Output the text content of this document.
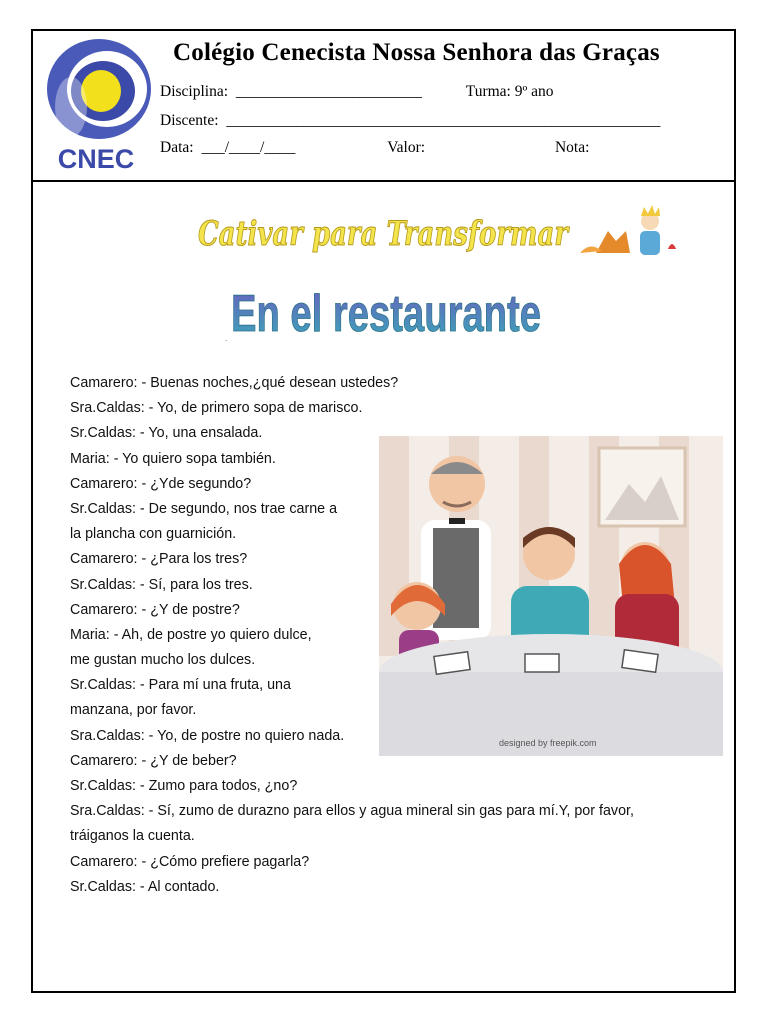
CNEC
Colégio Cenecista Nossa Senhora das Graças
Disciplina: ________________________	Turma: 9º ano
Discente: ________________________________________________________
Data: ___/____/____	Valor:	Nota:
Cativar para Transformar
En el restaurante
.
Camarero: - Buenas noches,¿qué desean ustedes?
Sra.Caldas: - Yo, de primero sopa de marisco.
Sr.Caldas: - Yo, una ensalada.
Maria: - Yo quiero sopa también.
Camarero: - ¿Yde segundo?
Sr.Caldas: - De segundo, nos trae carne a
la plancha con guarnición.
Camarero: - ¿Para los tres?
Sr.Caldas: - Sí, para los tres.
Camarero: - ¿Y de postre?
Maria: - Ah, de postre yo quiero dulce,
me gustan mucho los dulces.
Sr.Caldas: - Para mí una fruta, una
manzana, por favor.
Sra.Caldas: - Yo, de postre no quiero nada.
Camarero: - ¿Y de beber?
Sr.Caldas: - Zumo para todos, ¿no?
Sra.Caldas: - Sí, zumo de durazno para ellos y agua mineral sin gas para mí.Y, por favor,
tráiganos la cuenta.
Camarero: - ¿Cómo prefiere pagarla?
Sr.Caldas: - Al contado.
designed by freepik.com
